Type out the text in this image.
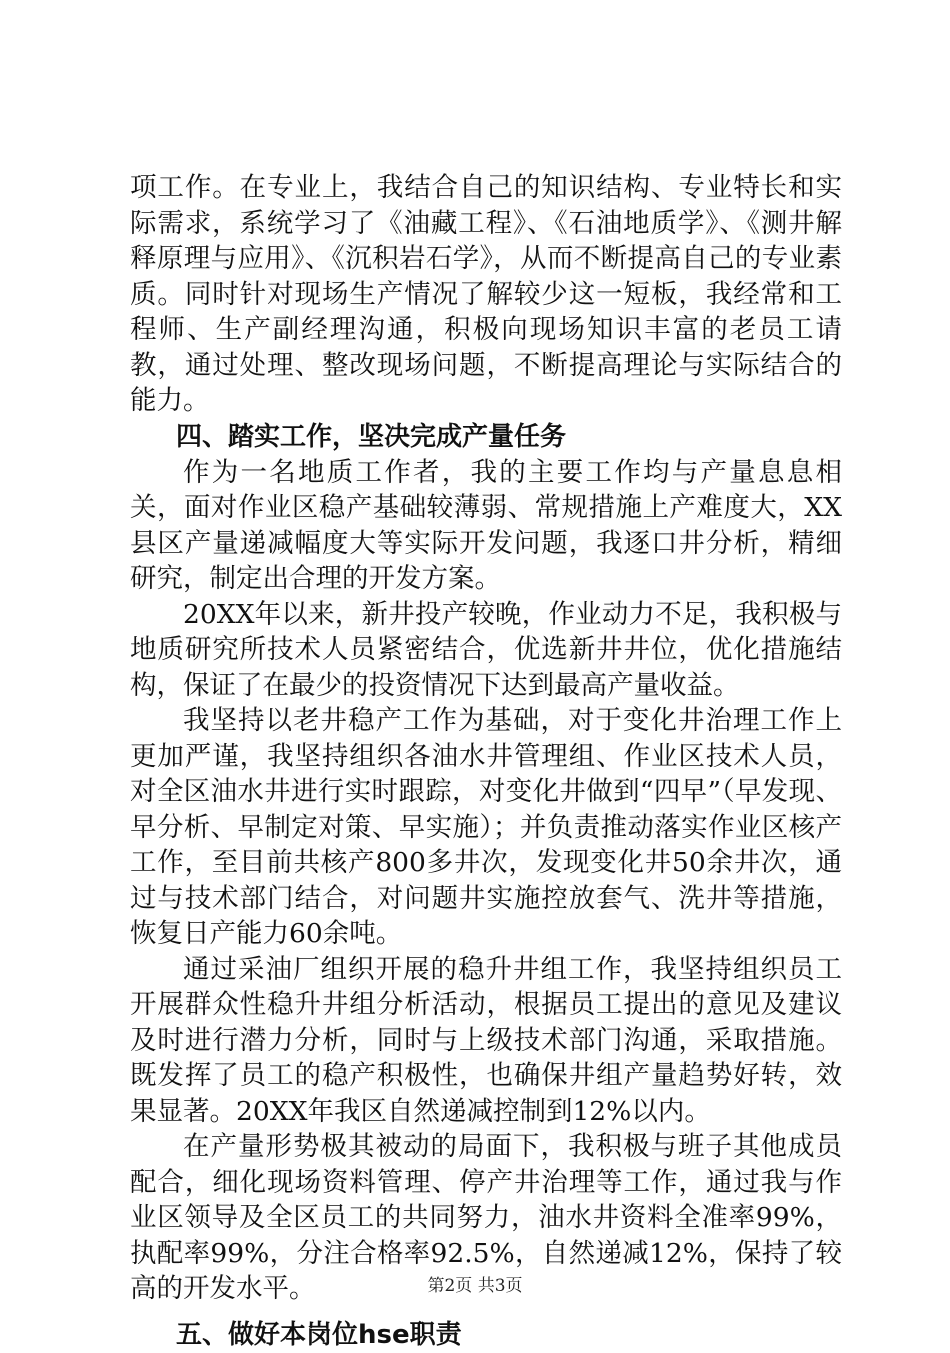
项工作。在专业上，我结合自己的知识结构、专业特长和实际需求，系统学习了《油藏工程》、《石油地质学》、《测井解释原理与应用》、《沉积岩石学》，从而不断提高自己的专业素质。同时针对现场生产情况了解较少这一短板，我经常和工程师、生产副经理沟通，积极向现场知识丰富的老员工请教，通过处理、整改现场问题，不断提高理论与实际结合的能力。

四、踏实工作，坚决完成产量任务

作为一名地质工作者，我的主要工作均与产量息息相关，面对作业区稳产基础较薄弱、常规措施上产难度大，XX县区产量递减幅度大等实际开发问题，我逐口井分析，精细研究，制定出合理的开发方案。

20XX年以来，新井投产较晚，作业动力不足，我积极与地质研究所技术人员紧密结合，优选新井井位，优化措施结构，保证了在最少的投资情况下达到最高产量收益。

我坚持以老井稳产工作为基础，对于变化井治理工作上更加严谨，我坚持组织各油水井管理组、作业区技术人员，对全区油水井进行实时跟踪，对变化井做到“四早”（早发现、早分析、早制定对策、早实施）；并负责推动落实作业区核产工作，至目前共核产800多井次，发现变化井50余井次，通过与技术部门结合，对问题井实施控放套气、洗井等措施，恢复日产能力60余吨。

通过采油厂组织开展的稳升井组工作，我坚持组织员工开展群众性稳升井组分析活动，根据员工提出的意见及建议及时进行潜力分析，同时与上级技术部门沟通，采取措施。既发挥了员工的稳产积极性，也确保井组产量趋势好转，效果显著。20XX年我区自然递减控制到12%以内。

在产量形势极其被动的局面下，我积极与班子其他成员配合，细化现场资料管理、停产井治理等工作，通过我与作业区领导及全区员工的共同努力，油水井资料全准率99%，执配率99%，分注合格率92.5%，自然递减12%，保持了较高的开发水平。

五、做好本岗位hse职责

第2页 共3页
